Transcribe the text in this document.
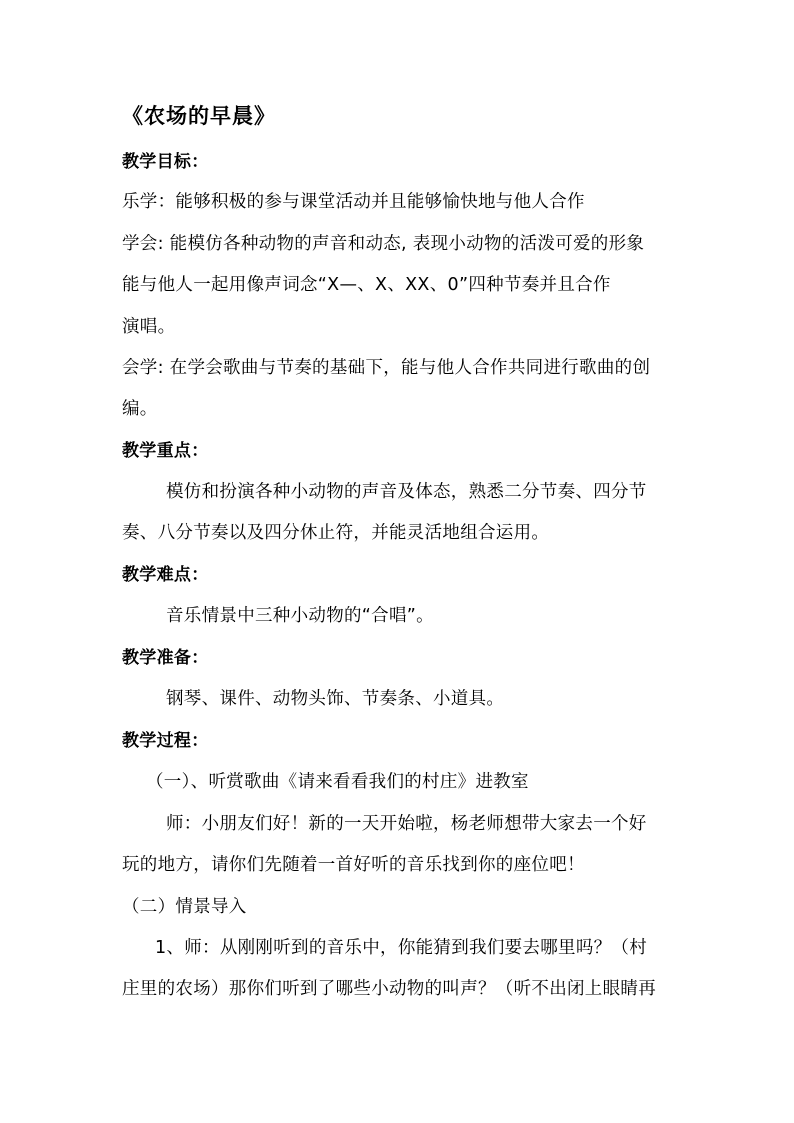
《农场的早晨》
教学目标：
乐学：能够积极的参与课堂活动并且能够愉快地与他人合作
学会: 能模仿各种动物的声音和动态, 表现小动物的活泼可爱的形象
能与他人一起用像声词念“X—、X、XX、0”四种节奏并且合作
演唱。
会学: 在学会歌曲与节奏的基础下，能与他人合作共同进行歌曲的创
编。
教学重点：
模仿和扮演各种小动物的声音及体态，熟悉二分节奏、四分节
奏、八分节奏以及四分休止符，并能灵活地组合运用。
教学难点：
音乐情景中三种小动物的“合唱”。
教学准备：
钢琴、课件、动物头饰、节奏条、小道具。
教学过程：
（一）、听赏歌曲《请来看看我们的村庄》进教室
师：小朋友们好！新的一天开始啦，杨老师想带大家去一个好
玩的地方，请你们先随着一首好听的音乐找到你的座位吧！
（二）情景导入
1、师：从刚刚听到的音乐中，你能猜到我们要去哪里吗？（村
庄里的农场）那你们听到了哪些小动物的叫声？（听不出闭上眼睛再
